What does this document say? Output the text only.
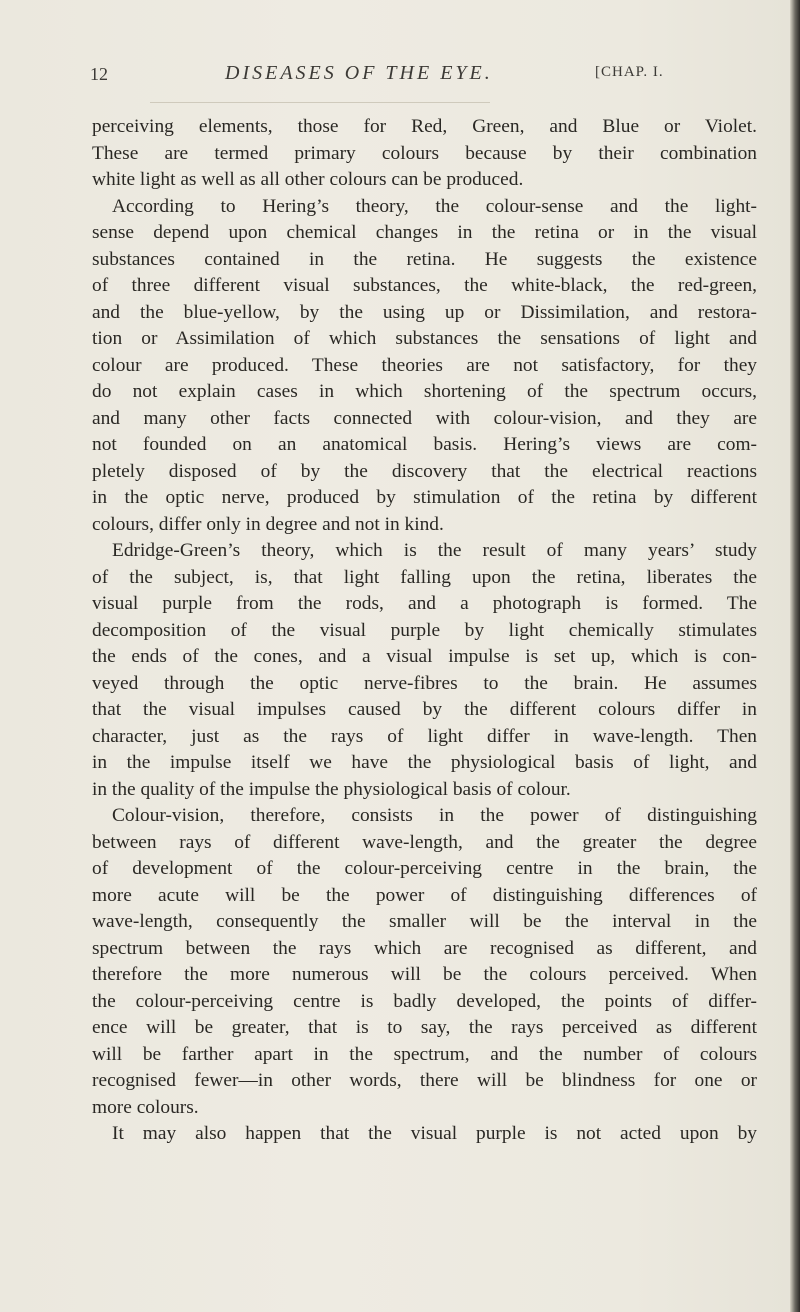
12	DISEASES OF THE EYE.	[CHAP. I.

perceiving elements, those for Red, Green, and Blue or Violet.
These are termed primary colours because by their combination
white light as well as all other colours can be produced.

According to Hering’s theory, the colour-sense and the light-
sense depend upon chemical changes in the retina or in the visual
substances contained in the retina. He suggests the existence
of three different visual substances, the white-black, the red-green,
and the blue-yellow, by the using up or Dissimilation, and restora-
tion or Assimilation of which substances the sensations of light and
colour are produced. These theories are not satisfactory, for they
do not explain cases in which shortening of the spectrum occurs,
and many other facts connected with colour-vision, and they are
not founded on an anatomical basis. Hering’s views are com-
pletely disposed of by the discovery that the electrical reactions
in the optic nerve, produced by stimulation of the retina by different
colours, differ only in degree and not in kind.

Edridge-Green’s theory, which is the result of many years’ study
of the subject, is, that light falling upon the retina, liberates the
visual purple from the rods, and a photograph is formed. The
decomposition of the visual purple by light chemically stimulates
the ends of the cones, and a visual impulse is set up, which is con-
veyed through the optic nerve-fibres to the brain. He assumes
that the visual impulses caused by the different colours differ in
character, just as the rays of light differ in wave-length. Then
in the impulse itself we have the physiological basis of light, and
in the quality of the impulse the physiological basis of colour.

Colour-vision, therefore, consists in the power of distinguishing
between rays of different wave-length, and the greater the degree
of development of the colour-perceiving centre in the brain, the
more acute will be the power of distinguishing differences of
wave-length, consequently the smaller will be the interval in the
spectrum between the rays which are recognised as different, and
therefore the more numerous will be the colours perceived. When
the colour-perceiving centre is badly developed, the points of differ-
ence will be greater, that is to say, the rays perceived as different
will be farther apart in the spectrum, and the number of colours
recognised fewer—in other words, there will be blindness for one or
more colours.

It may also happen that the visual purple is not acted upon by
